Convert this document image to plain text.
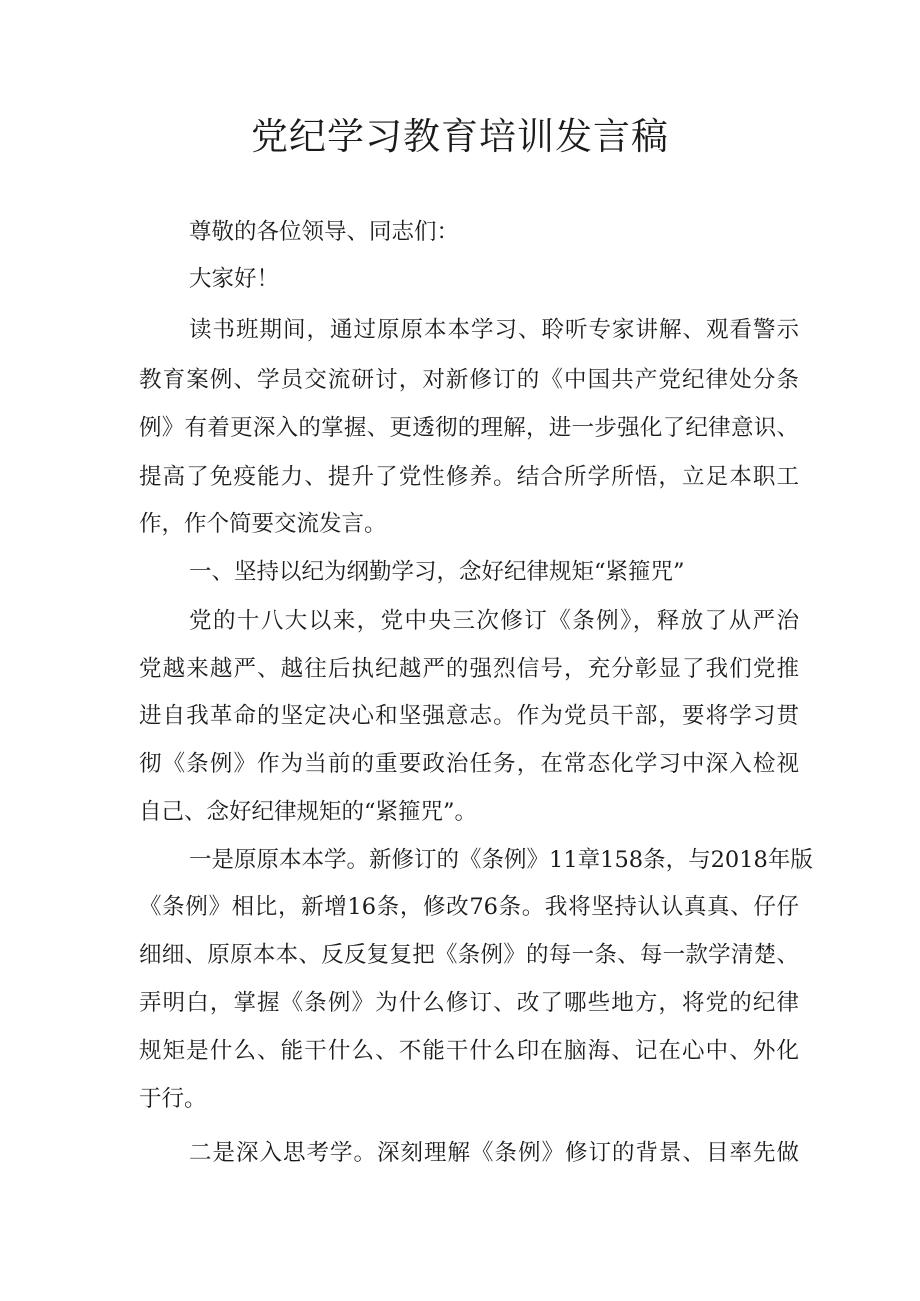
党纪学习教育培训发言稿
尊敬的各位领导、同志们：
大家好！
读书班期间，通过原原本本学习、聆听专家讲解、观看警示
教育案例、学员交流研讨，对新修订的《中国共产党纪律处分条
例》有着更深入的掌握、更透彻的理解，进一步强化了纪律意识、
提高了免疫能力、提升了党性修养。结合所学所悟，立足本职工
作，作个简要交流发言。
一、坚持以纪为纲勤学习，念好纪律规矩“紧箍咒”
党的十八大以来，党中央三次修订《条例》，释放了从严治
党越来越严、越往后执纪越严的强烈信号，充分彰显了我们党推
进自我革命的坚定决心和坚强意志。作为党员干部，要将学习贯
彻《条例》作为当前的重要政治任务，在常态化学习中深入检视
自己、念好纪律规矩的“紧箍咒”。
一是原原本本学。新修订的《条例》11章158条，与2018年版
《条例》相比，新增16条，修改76条。我将坚持认认真真、仔仔
细细、原原本本、反反复复把《条例》的每一条、每一款学清楚、
弄明白，掌握《条例》为什么修订、改了哪些地方，将党的纪律
规矩是什么、能干什么、不能干什么印在脑海、记在心中、外化
于行。
二是深入思考学。深刻理解《条例》修订的背景、目率先做
